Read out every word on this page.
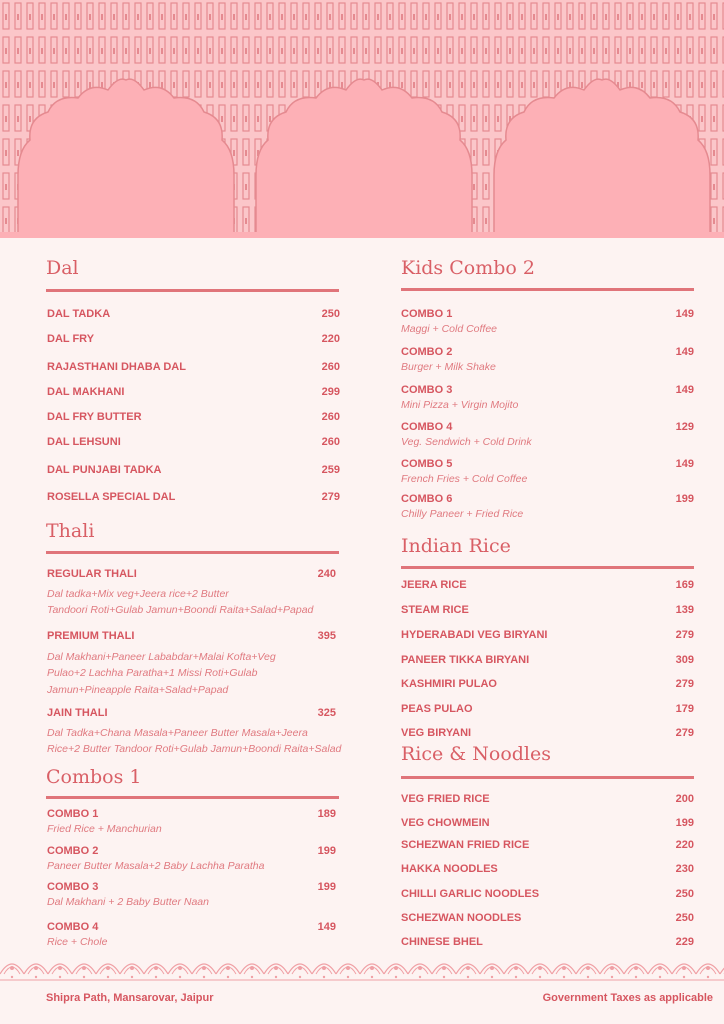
Dal
DAL TADKA	250
DAL FRY	220
RAJASTHANI DHABA DAL	260
DAL MAKHANI	299
DAL FRY BUTTER	260
DAL LEHSUNI	260
DAL PUNJABI TADKA	259
ROSELLA SPECIAL DAL	279
Thali
REGULAR THALI	240
Dal tadka+Mix veg+Jeera rice+2 Butter
Tandoori Roti+Gulab Jamun+Boondi Raita+Salad+Papad
PREMIUM THALI	395
Dal Makhani+Paneer Lababdar+Malai Kofta+Veg
Pulao+2 Lachha Paratha+1 Missi Roti+Gulab
Jamun+Pineapple Raita+Salad+Papad
JAIN THALI	325
Dal Tadka+Chana Masala+Paneer Butter Masala+Jeera
Rice+2 Butter Tandoor Roti+Gulab Jamun+Boondi Raita+Salad
Combos 1
COMBO 1	189
Fried Rice + Manchurian
COMBO 2	199
Paneer Butter Masala+2 Baby Lachha Paratha
COMBO 3	199
Dal Makhani + 2 Baby Butter Naan
COMBO 4	149
Rice + Chole
Kids Combo 2
COMBO 1	149
Maggi + Cold Coffee
COMBO 2	149
Burger + Milk Shake
COMBO 3	149
Mini Pizza + Virgin Mojito
COMBO 4	129
Veg. Sendwich + Cold Drink
COMBO 5	149
French Fries + Cold Coffee
COMBO 6	199
Chilly Paneer + Fried Rice
Indian Rice
JEERA RICE	169
STEAM RICE	139
HYDERABADI VEG BIRYANI	279
PANEER TIKKA BIRYANI	309
KASHMIRI PULAO	279
PEAS PULAO	179
VEG BIRYANI	279
Rice & Noodles
VEG FRIED RICE	200
VEG CHOWMEIN	199
SCHEZWAN FRIED RICE	220
HAKKA NOODLES	230
CHILLI GARLIC NOODLES	250
SCHEZWAN NOODLES	250
CHINESE BHEL	229
Shipra Path, Mansarovar, Jaipur	Government Taxes as applicable
